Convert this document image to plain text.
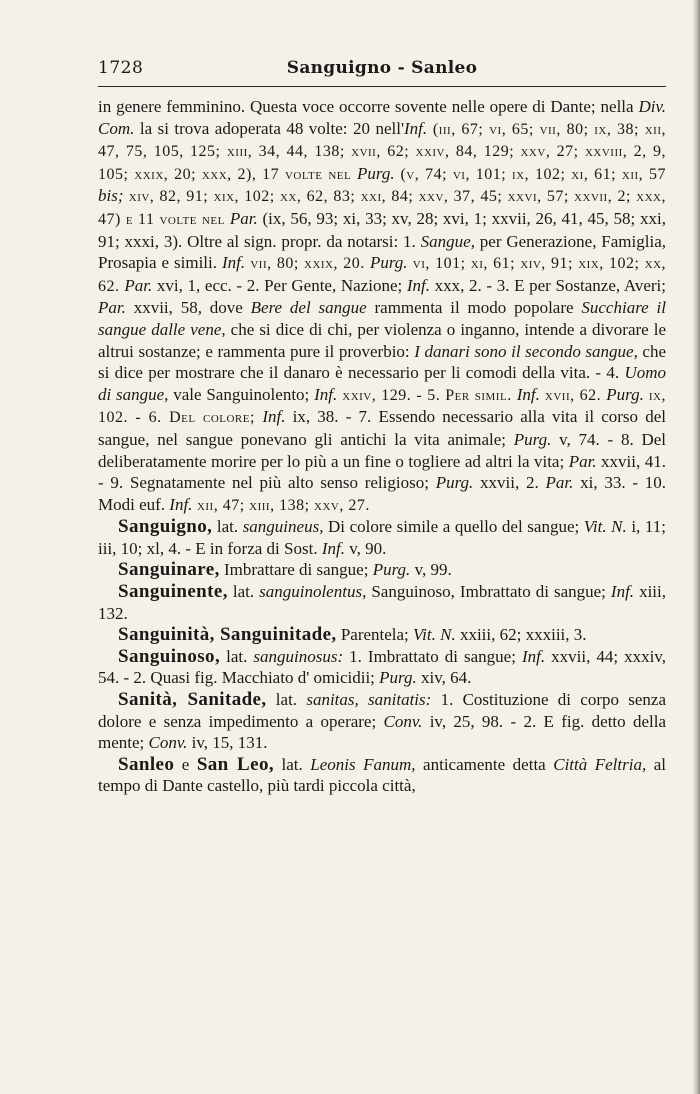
1728	Sanguigno - Sanleo

in genere femminino. Questa voce occorre sovente nelle opere di Dante; nella Div. Com. la si trova adoperata 48 volte: 20 nell'Inf. (iii, 67; vi, 65; vii, 80; ix, 38; xii, 47, 75, 105, 125; xiii, 34, 44, 138; xvii, 62; xxiv, 84, 129; xxv, 27; xxviii, 2, 9, 105; xxix, 20; xxx, 2), 17 volte nel Purg. (v, 74; vi, 101; ix, 102; xi, 61; xii, 57 bis; xiv, 82, 91; xix, 102; xx, 62, 83; xxi, 84; xxv, 37, 45; xxvi, 57; xxvii, 2; xxx, 47) e 11 volte nel Par. (ix, 56, 93; xi, 33; xv, 28; xvi, 1; xxvii, 26, 41, 45, 58; xxi, 91; xxxi, 3). Oltre al sign. propr. da notarsi: 1. Sangue, per Generazione, Famiglia, Prosapia e simili. Inf. vii, 80; xxix, 20. Purg. vi, 101; xi, 61; xiv, 91; xix, 102; xx, 62. Par. xvi, 1, ecc. - 2. Per Gente, Nazione; Inf. xxx, 2. - 3. E per Sostanze, Averi; Par. xxvii, 58, dove Bere del sangue rammenta il modo popolare Succhiare il sangue dalle vene, che si dice di chi, per violenza o inganno, intende a divorare le altrui sostanze; e rammenta pure il proverbio: I danari sono il secondo sangue, che si dice per mostrare che il danaro è necessario per li comodi della vita. - 4. Uomo di sangue, vale Sanguinolento; Inf. xxiv, 129. - 5. Per simil. Inf. xvii, 62. Purg. ix, 102. - 6. Del colore; Inf. ix, 38. - 7. Essendo necessario alla vita il corso del sangue, nel sangue ponevano gli antichi la vita animale; Purg. v, 74. - 8. Del deliberatamente morire per lo più a un fine o togliere ad altri la vita; Par. xxvii, 41. - 9. Segnatamente nel più alto senso religioso; Purg. xxvii, 2. Par. xi, 33. - 10. Modi euf. Inf. xii, 47; xiii, 138; xxv, 27.

Sanguigno, lat. sanguineus, Di colore simile a quello del sangue; Vit. N. i, 11; iii, 10; xl, 4. - E in forza di Sost. Inf. v, 90.

Sanguinare, Imbrattare di sangue; Purg. v, 99.

Sanguinente, lat. sanguinolentus, Sanguinoso, Imbrattato di sangue; Inf. xiii, 132.

Sanguinità, Sanguinitade, Parentela; Vit. N. xxiii, 62; xxxiii, 3.

Sanguinoso, lat. sanguinosus: 1. Imbrattato di sangue; Inf. xxvii, 44; xxxiv, 54. - 2. Quasi fig. Macchiato d' omicidii; Purg. xiv, 64.

Sanità, Sanitade, lat. sanitas, sanitatis: 1. Costituzione di corpo senza dolore e senza impedimento a operare; Conv. iv, 25, 98. - 2. E fig. detto della mente; Conv. iv, 15, 131.

Sanleo e San Leo, lat. Leonis Fanum, anticamente detta Città Feltria, al tempo di Dante castello, più tardi piccola città,
